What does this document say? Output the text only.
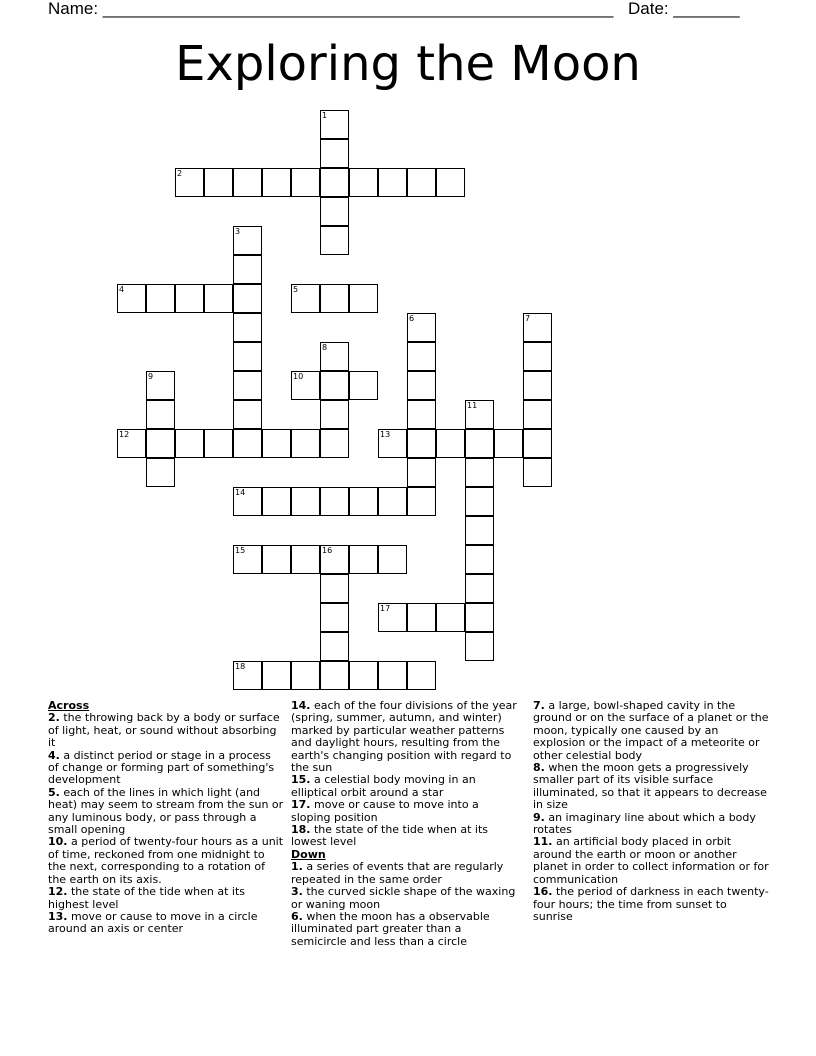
Name: ______________________________________________________ Date: _______
Exploring the Moon
1
2
3
4	5
6	7
8
9	10
11
12	13
14
15	16
17
18

Across

2. the throwing back by a body or surface of light, heat, or sound without absorbing it

4. a distinct period or stage in a process of change or forming part of something's development

5. each of the lines in which light (and heat) may seem to stream from the sun or any luminous body, or pass through a small opening

10. a period of twenty-four hours as a unit of time, reckoned from one midnight to the next, corresponding to a rotation of the earth on its axis.

12. the state of the tide when at its highest level

13. move or cause to move in a circle around an axis or center

14. each of the four divisions of the year (spring, summer, autumn, and winter) marked by particular weather patterns and daylight hours, resulting from the earth's changing position with regard to the sun

15. a celestial body moving in an elliptical orbit around a star

17. move or cause to move into a sloping position

18. the state of the tide when at its lowest level

Down

1. a series of events that are regularly repeated in the same order

3. the curved sickle shape of the waxing or waning moon

6. when the moon has a observable illuminated part greater than a semicircle and less than a circle

7. a large, bowl-shaped cavity in the ground or on the surface of a planet or the moon, typically one caused by an explosion or the impact of a meteorite or other celestial body

8. when the moon gets a progressively smaller part of its visible surface illuminated, so that it appears to decrease in size

9. an imaginary line about which a body rotates

11. an artificial body placed in orbit around the earth or moon or another planet in order to collect information or for communication

16. the period of darkness in each twenty-four hours; the time from sunset to sunrise
